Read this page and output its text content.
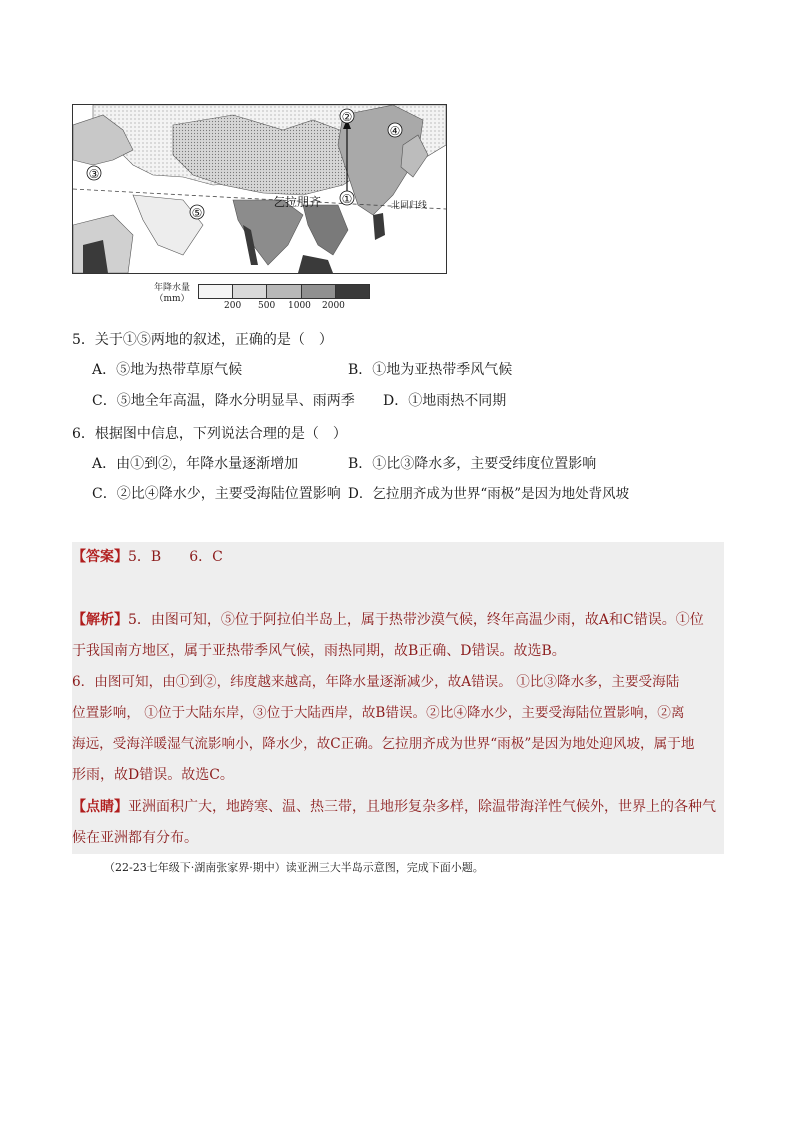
②
④
③
⑤
①
乞拉朋齐	北回归线
年降水量
（mm）
200 500 1000 2000
5．关于①⑤两地的叙述，正确的是（　）
A．⑤地为热带草原气候	B．①地为亚热带季风气候
C．⑤地全年高温，降水分明显旱、雨两季 D．①地雨热不同期
6．根据图中信息，下列说法合理的是（　）
A．由①到②，年降水量逐渐增加	B．①比③降水多，主要受纬度位置影响
C．②比④降水少，主要受海陆位置影响 D．乞拉朋齐成为世界“雨极”是因为地处背风坡
【答案】5．B　　6．C
【解析】5．由图可知，⑤位于阿拉伯半岛上，属于热带沙漠气候，终年高温少雨，故A和C错误。①位
于我国南方地区，属于亚热带季风气候，雨热同期，故B正确、D错误。故选B。
6．由图可知，由①到②，纬度越来越高，年降水量逐渐减少，故A错误。 ①比③降水多，主要受海陆
位置影响， ①位于大陆东岸，③位于大陆西岸，故B错误。②比④降水少，主要受海陆位置影响，②离
海远，受海洋暖湿气流影响小，降水少，故C正确。乞拉朋齐成为世界“雨极”是因为地处迎风坡，属于地
形雨，故D错误。故选C。
【点睛】亚洲面积广大，地跨寒、温、热三带，且地形复杂多样，除温带海洋性气候外，世界上的各种气
候在亚洲都有分布。
（22-23七年级下·湖南张家界·期中）读亚洲三大半岛示意图，完成下面小题。
